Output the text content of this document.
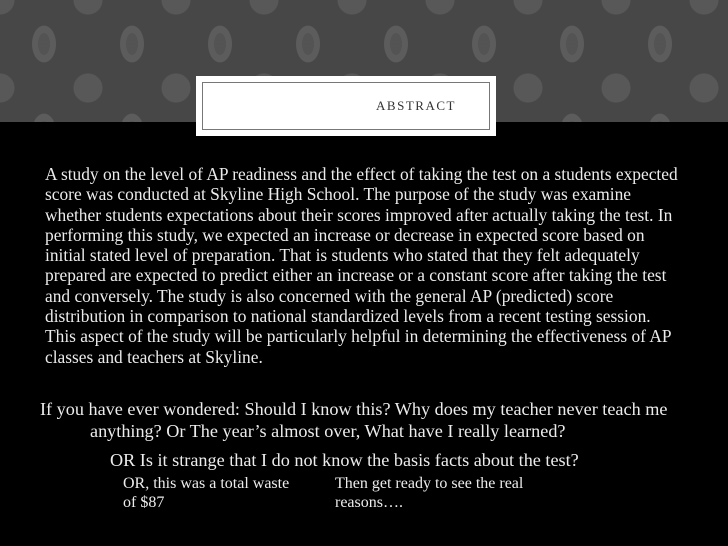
ABSTRACT

A study on the level of AP readiness and the effect of taking the test on a students expected score was conducted at Skyline High School. The purpose of the study was examine whether students expectations about their scores improved after actually taking the test. In performing this study, we expected an increase or decrease in expected score based on initial stated level of preparation. That is students who stated that they felt adequately prepared are expected to predict either an increase or a constant score after taking the test and conversely. The study is also concerned with the general AP (predicted) score distribution in comparison to national standardized levels from a recent testing session. This aspect of the study will be particularly helpful in determining the effectiveness of AP classes and teachers at Skyline.

If you have ever wondered: Should I know this? Why does my teacher never teach me anything? Or The year’s almost over, What have I really learned?

OR Is it strange that I do not know the basis facts about the test?

OR, this was a total waste of $87

Then get ready to see the real reasons….
